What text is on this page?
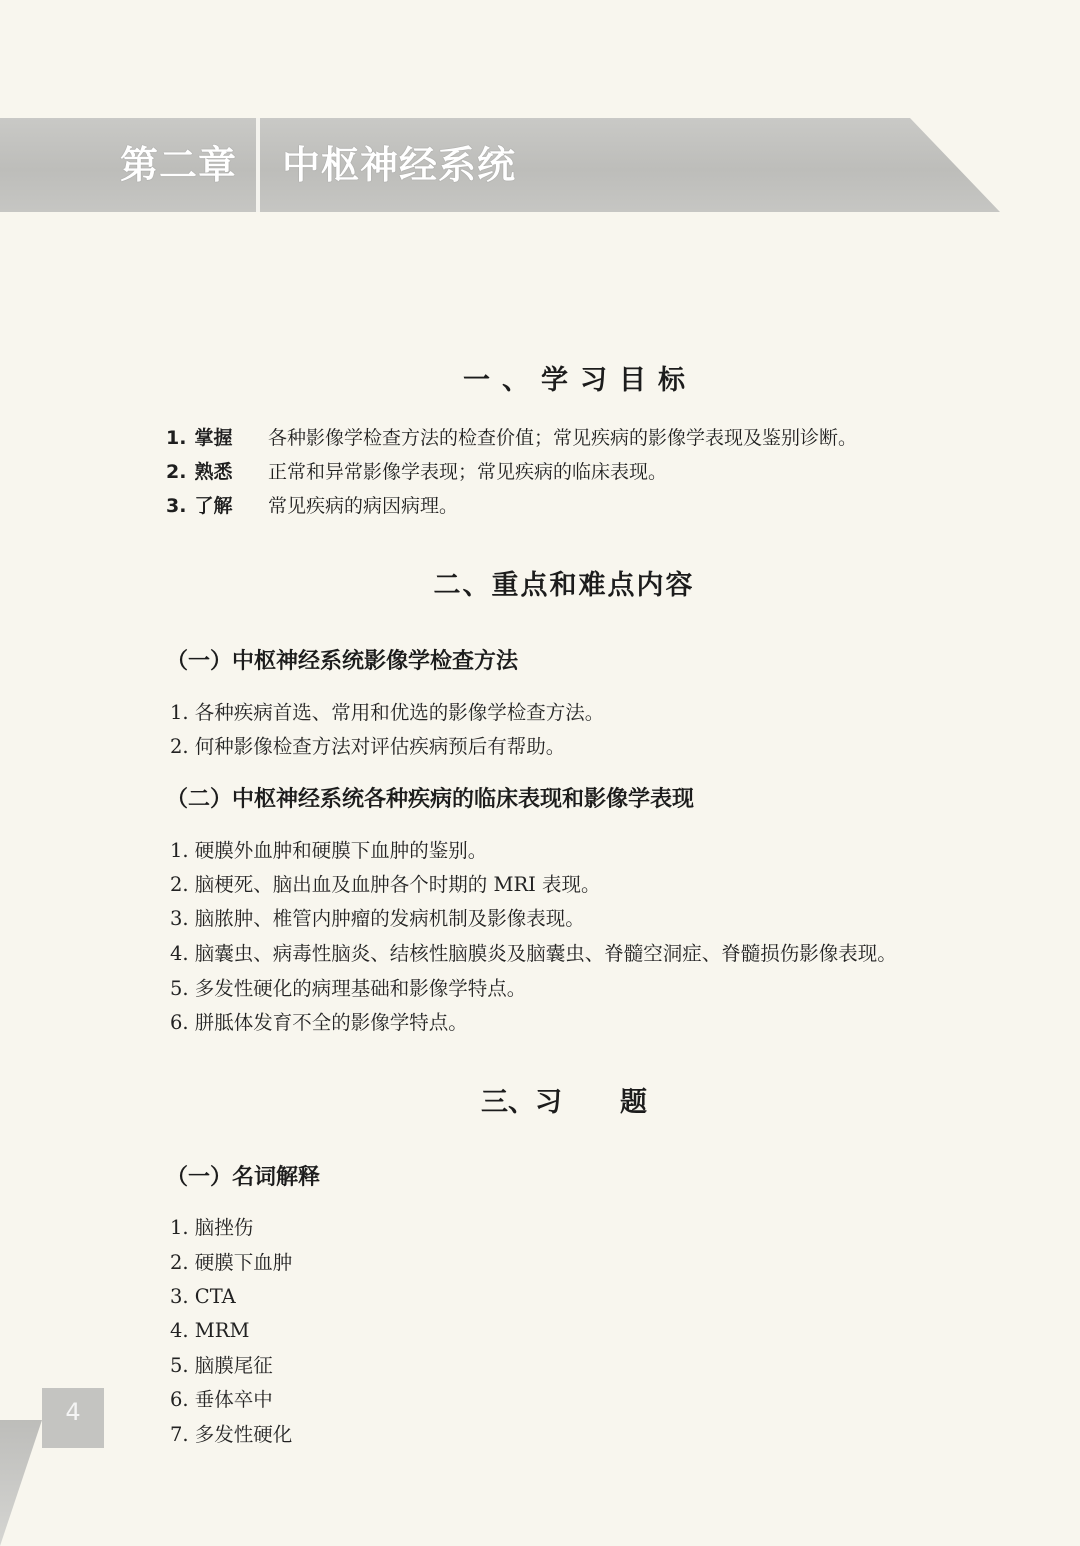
第二章 中枢神经系统
一、学习目标
1. 掌握 各种影像学检查方法的检查价值；常见疾病的影像学表现及鉴别诊断。
2. 熟悉 正常和异常影像学表现；常见疾病的临床表现。
3. 了解 常见疾病的病因病理。
二、重点和难点内容
（一）中枢神经系统影像学检查方法
1. 各种疾病首选、常用和优选的影像学检查方法。
2. 何种影像检查方法对评估疾病预后有帮助。
（二）中枢神经系统各种疾病的临床表现和影像学表现
1. 硬膜外血肿和硬膜下血肿的鉴别。
2. 脑梗死、脑出血及血肿各个时期的 MRI 表现。
3. 脑脓肿、椎管内肿瘤的发病机制及影像表现。
4. 脑囊虫、病毒性脑炎、结核性脑膜炎及脑囊虫、脊髓空洞症、脊髓损伤影像表现。
5. 多发性硬化的病理基础和影像学特点。
6. 胼胝体发育不全的影像学特点。
三、习 题
（一）名词解释
1. 脑挫伤
2. 硬膜下血肿
3. CTA
4. MRM
5. 脑膜尾征
6. 垂体卒中
7. 多发性硬化
4
